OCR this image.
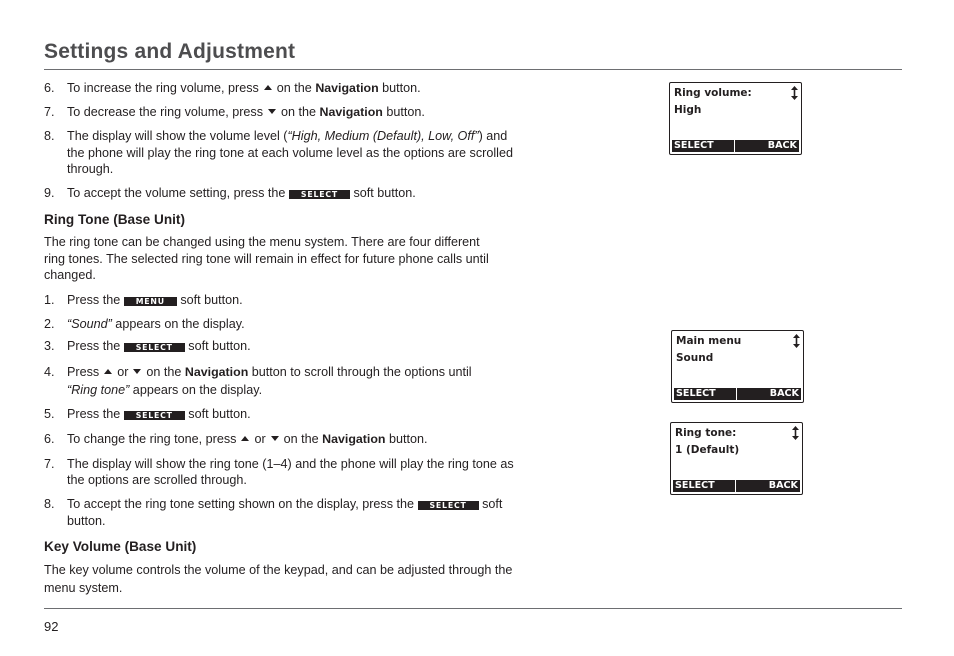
Settings and Adjustment
6. To increase the ring volume, press on the Navigation button.
7. To decrease the ring volume, press on the Navigation button.
8. The display will show the volume level (“High, Medium (Default), Low, Off”) and
the phone will play the ring tone at each volume level as the options are scrolled
through.
9. To accept the volume setting, press the SELECT soft button.
Ring Tone (Base Unit)
The ring tone can be changed using the menu system. There are four different
ring tones. The selected ring tone will remain in effect for future phone calls until
changed.
1. Press the MENU soft button.
2. “Sound” appears on the display.
3. Press the SELECT soft button.
4. Press or on the Navigation button to scroll through the options until
“Ring tone” appears on the display.
5. Press the SELECT soft button.
6. To change the ring tone, press or on the Navigation button.
7. The display will show the ring tone (1–4) and the phone will play the ring tone as
the options are scrolled through.
8. To accept the ring tone setting shown on the display, press the SELECT soft
button.
Key Volume (Base Unit)
The key volume controls the volume of the keypad, and can be adjusted through the
menu system.
Ring volume:
High
SELECT	BACK
Main menu
Sound
SELECT	BACK
Ring tone:
1 (Default)
SELECT	BACK
92
